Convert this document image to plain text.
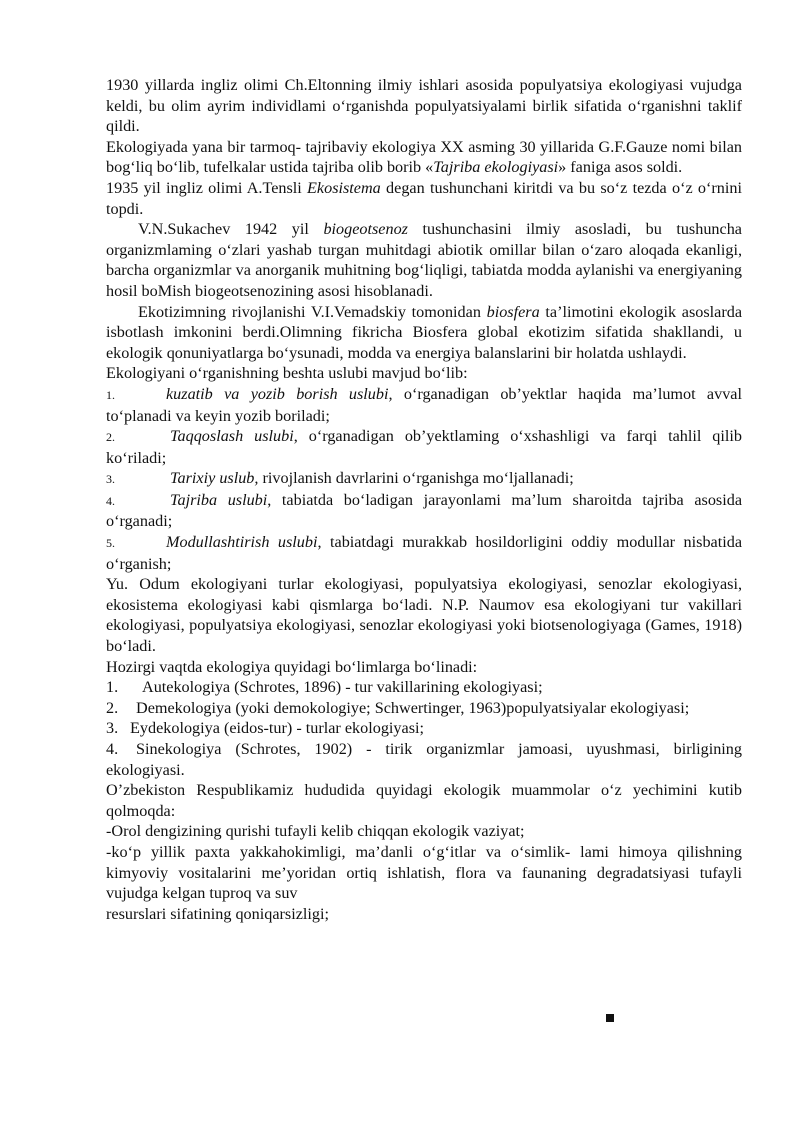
1930 yillarda ingliz olimi Ch.Eltonning ilmiy ishlari asosida populyatsiya ekologiyasi vujudga keldi, bu olim ayrim individlami o‘rganishda populyatsiyalami birlik sifatida o‘rganishni taklif qildi.

Ekologiyada yana bir tarmoq- tajribaviy ekologiya XX asming 30 yillarida G.F.Gauze nomi bilan bog‘liq bo‘lib, tufelkalar ustida tajriba olib borib «Tajriba ekologiyasi» faniga asos soldi.

1935 yil ingliz olimi A.Tensli Ekosistema degan tushunchani kiritdi va bu so‘z tezda o‘z o‘rnini topdi.

V.N.Sukachev 1942 yil biogeotsenoz tushunchasini ilmiy asosladi, bu tushuncha organizmlaming o‘zlari yashab turgan muhitdagi abiotik omillar bilan o‘zaro aloqada ekanligi, barcha organizmlar va anorganik muhitning bog‘liqligi, tabiatda modda aylanishi va energiyaning hosil boMish biogeotsenozining asosi hisoblanadi.

Ekotizimning rivojlanishi V.I.Vemadskiy tomonidan biosfera ta’limotini ekologik asoslarda isbotlash imkonini berdi.Olimning fikricha Biosfera global ekotizim sifatida shakllandi, u ekologik qonuniyatlarga bo‘ysunadi, modda va energiya balanslarini bir holatda ushlaydi.

Ekologiyani o‘rganishning beshta uslubi mavjud bo‘lib:

1.	kuzatib va yozib borish uslubi, o‘rganadigan ob’yektlar haqida ma’lumot avval to‘planadi va keyin yozib boriladi;

2.	Taqqoslash uslubi, o‘rganadigan ob’yektlaming o‘xshashligi va farqi tahlil qilib ko‘riladi;

3.	Tarixiy uslub, rivojlanish davrlarini o‘rganishga mo‘ljallanadi;

4.	Tajriba uslubi, tabiatda bo‘ladigan jarayonlami ma’lum sharoitda tajriba asosida o‘rganadi;

5.	Modullashtirish uslubi, tabiatdagi murakkab hosildorligini oddiy modullar nisbatida o‘rganish;

Yu. Odum ekologiyani turlar ekologiyasi, populyatsiya ekologiyasi, senozlar ekologiyasi, ekosistema ekologiyasi kabi qismlarga bo‘ladi. N.P. Naumov esa ekologiyani tur vakillari ekologiyasi, populyatsiya ekologiyasi, senozlar ekologiyasi yoki biotsenologiyaga (Games, 1918) bo‘ladi.

Hozirgi vaqtda ekologiya quyidagi bo‘limlarga bo‘linadi:

1. Autekologiya (Schrotes, 1896) - tur vakillarining ekologiyasi;

2. Demekologiya (yoki demokologiye; Schwertinger, 1963)populyatsiyalar ekologiyasi;

3. Eydekologiya (eidos-tur) - turlar ekologiyasi;

4. Sinekologiya (Schrotes, 1902) - tirik organizmlar jamoasi, uyushmasi, birligining ekologiyasi.

O’zbekiston Respublikamiz hududida quyidagi ekologik muammolar o‘z yechimini kutib qolmoqda:

-Orol dengizining qurishi tufayli kelib chiqqan ekologik vaziyat;

-ko‘p yillik paxta yakkahokimligi, ma’danli o‘g‘itlar va o‘simlik- lami himoya qilishning kimyoviy vositalarini me’yoridan ortiq ishlatish, flora va faunaning degradatsiyasi tufayli vujudga kelgan tuproq va suv
resurslari sifatining qoniqarsizligi;
